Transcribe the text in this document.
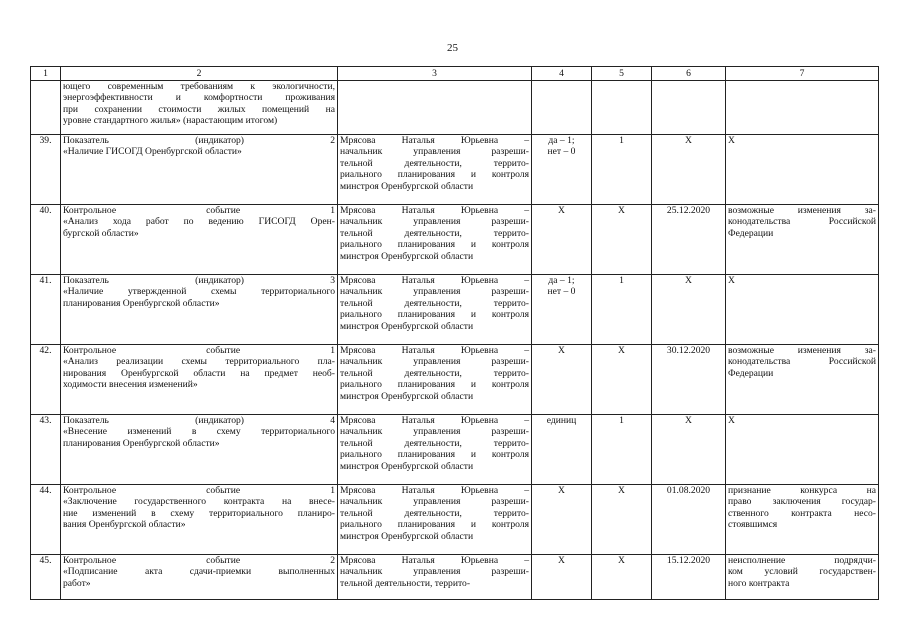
25
1	2	3	4	5	6	7

	ющего современным требованиям к экологичности,
энергоэффективности и комфортности проживания
при сохранении стоимости жилых помещений на
уровне стандартного жилья» (нарастающим итогом)					

39.	Показатель (индикатор) 2
«Наличие ГИСОГД Оренбургской области»	Мрясова Наталья Юрьевна –
начальник управления разреши-
тельной деятельности, террито-
риального планирования и контроля
минстроя Оренбургской области	да – 1;
нет – 0	1	Х	Х

40.	Контрольное событие 1
«Анализ хода работ по ведению ГИСОГД Орен-
бургской области»	Мрясова Наталья Юрьевна –
начальник управления разреши-
тельной деятельности, террито-
риального планирования и контроля
минстроя Оренбургской области	Х	Х	25.12.2020	возможные изменения за-
конодательства Российской
Федерации

41.	Показатель (индикатор) 3
«Наличие утвержденной схемы территориального
планирования Оренбургской области»	Мрясова Наталья Юрьевна –
начальник управления разреши-
тельной деятельности, террито-
риального планирования и контроля
минстроя Оренбургской области	да – 1;
нет – 0	1	Х	Х

42.	Контрольное событие 1
«Анализ реализации схемы территориального пла-
нирования Оренбургской области на предмет необ-
ходимости внесения изменений»	Мрясова Наталья Юрьевна –
начальник управления разреши-
тельной деятельности, террито-
риального планирования и контроля
минстроя Оренбургской области	Х	Х	30.12.2020	возможные изменения за-
конодательства Российской
Федерации

43.	Показатель (индикатор) 4
«Внесение изменений в схему территориального
планирования Оренбургской области»	Мрясова Наталья Юрьевна –
начальник управления разреши-
тельной деятельности, террито-
риального планирования и контроля
минстроя Оренбургской области	единиц	1	Х	Х

44.	Контрольное событие 1
«Заключение государственного контракта на внесе-
ние изменений в схему территориального планиро-
вания Оренбургской области»	Мрясова Наталья Юрьевна –
начальник управления разреши-
тельной деятельности, террито-
риального планирования и контроля
минстроя Оренбургской области	Х	Х	01.08.2020	признание конкурса на
право заключения государ-
ственного контракта несо-
стоявшимся

45.	Контрольное событие 2
«Подписание акта сдачи-приемки выполненных
работ»	Мрясова Наталья Юрьевна –
начальник управления разреши-
тельной деятельности, террито-	Х	Х	15.12.2020	неисполнение подрядчи-
ком условий государствен-
ного контракта
